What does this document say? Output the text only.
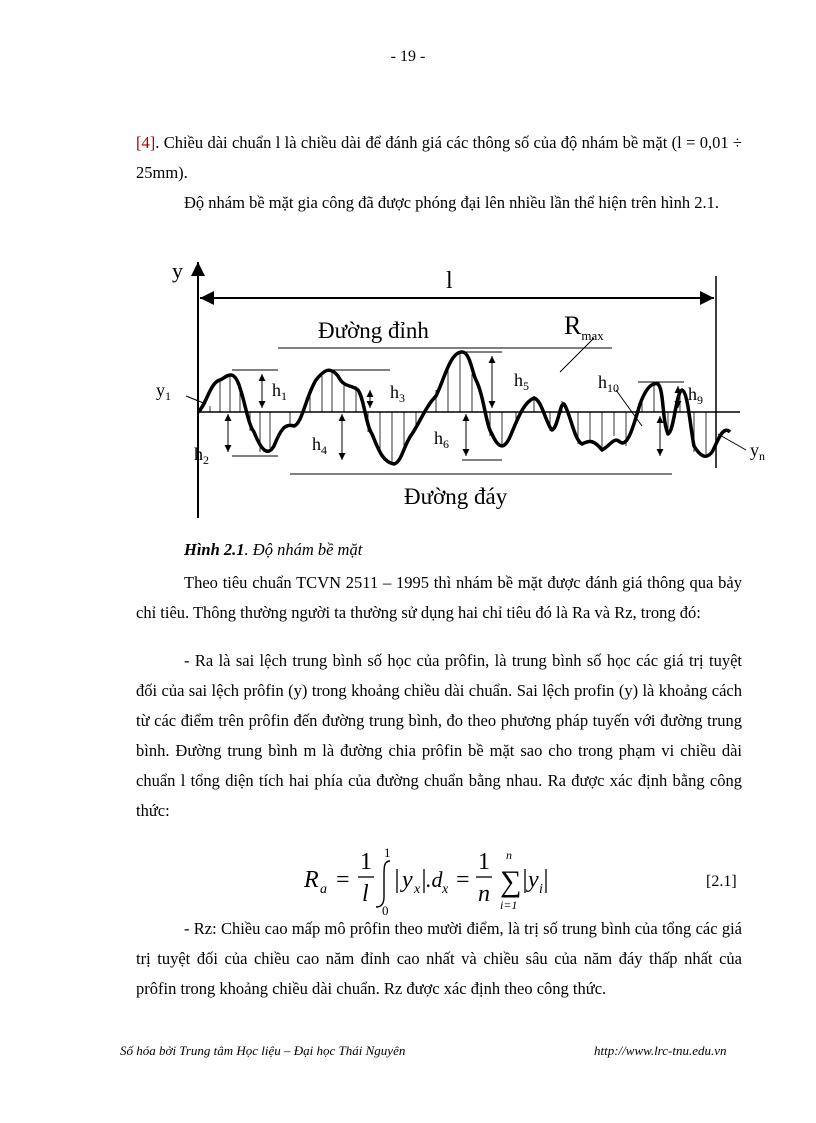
- 19 -
[4]. Chiều dài chuẩn l là chiều dài để đánh giá các thông số của độ nhám bề mặt (l = 0,01 ÷ 25mm).
Độ nhám bề mặt gia công đã được phóng đại lên nhiều lần thể hiện trên hình 2.1.
y	l
Đường đỉnh
Đường đáy
$y_1$	$h_1$
$h_2$
$h_3$
$h_4$
$h_5$
$h_6$
$h_9$
$h_{10}$
$R_{max}$
$y_n$
Hình 2.1. Độ nhám bề mặt
Theo tiêu chuẩn TCVN 2511 – 1995 thì nhám bề mặt được đánh giá thông qua bảy chỉ tiêu. Thông thường người ta thường sử dụng hai chỉ tiêu đó là Ra và Rz, trong đó:
- Ra là sai lệch trung bình số học của prôfin, là trung bình số học các giá trị tuyệt đối của sai lệch prôfin (y) trong khoảng chiều dài chuẩn. Sai lệch profin (y) là khoảng cách từ các điểm trên prôfin đến đường trung bình, đo theo phương pháp tuyến với đường trung bình. Đường trung bình m là đường chia prôfin bề mặt sao cho trong phạm vi chiều dài chuẩn l tổng diện tích hai phía của đường chuẩn bằng nhau. Ra được xác định bằng công thức:
R a =
1
l
1
0
y x .d x =
1
n ∑
n
i=1
y i	[2.1]
- Rz: Chiều cao mấp mô prôfin theo mười điểm, là trị số trung bình của tổng các giá trị tuyệt đối của chiều cao năm đỉnh cao nhất và chiều sâu của năm đáy thấp nhất của prôfin trong khoảng chiều dài chuẩn. Rz được xác định theo công thức.
Số hóa bởi Trung tâm Học liệu – Đại học Thái Nguyên	http://www.lrc-tnu.edu.vn
